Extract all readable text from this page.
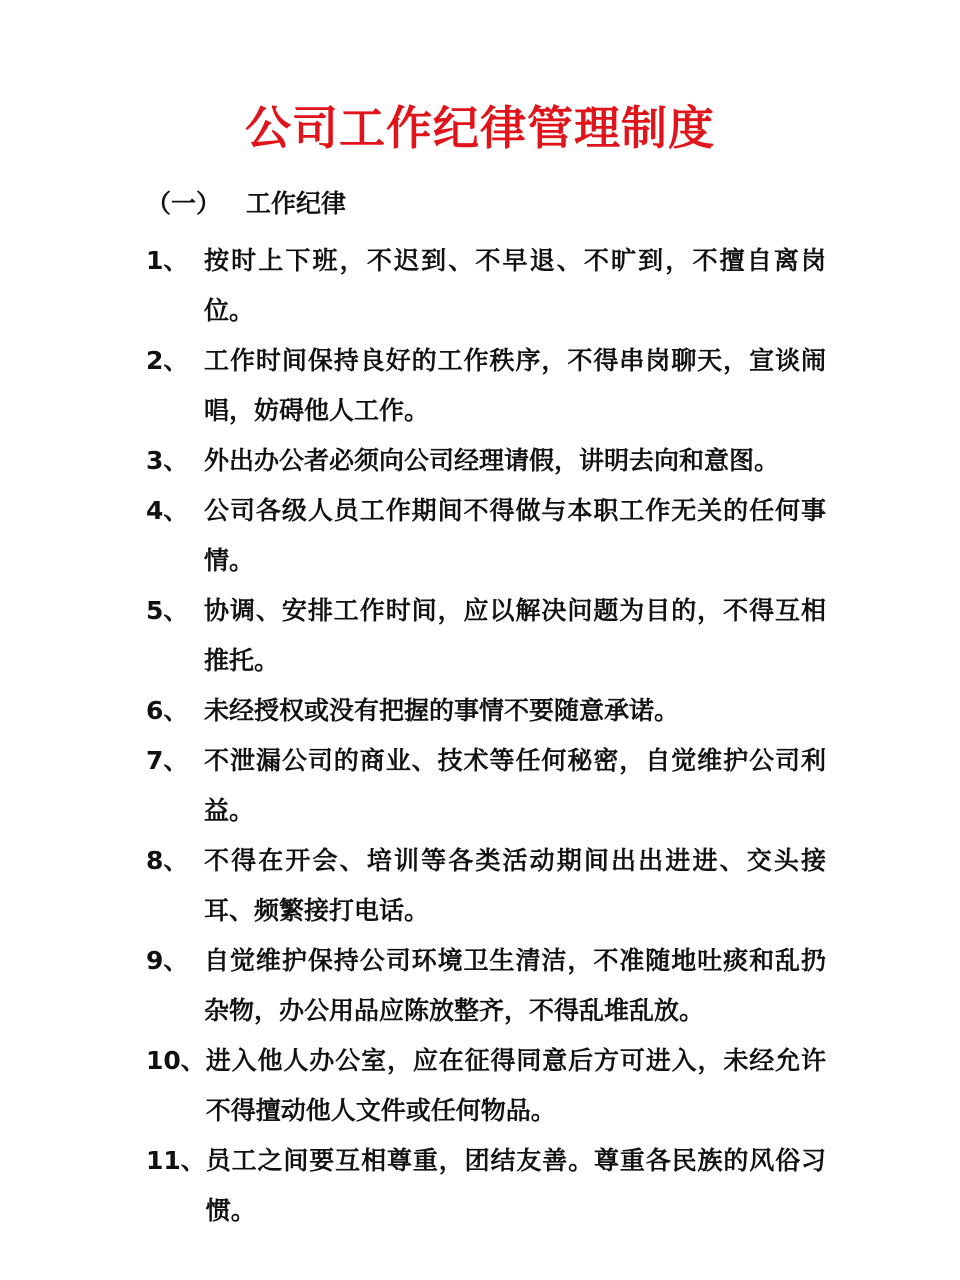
公司工作纪律管理制度
（一） 工作纪律
1、 按时上下班，不迟到、不早退、不旷到，不擅自离岗位。
2、 工作时间保持良好的工作秩序，不得串岗聊天，宣谈闹唱，妨碍他人工作。
3、 外出办公者必须向公司经理请假，讲明去向和意图。
4、 公司各级人员工作期间不得做与本职工作无关的任何事情。
5、 协调、安排工作时间，应以解决问题为目的，不得互相推托。
6、 未经授权或没有把握的事情不要随意承诺。
7、 不泄漏公司的商业、技术等任何秘密，自觉维护公司利益。
8、 不得在开会、培训等各类活动期间出出进进、交头接耳、频繁接打电话。
9、 自觉维护保持公司环境卫生清洁，不准随地吐痰和乱扔杂物，办公用品应陈放整齐，不得乱堆乱放。
10、 进入他人办公室，应在征得同意后方可进入，未经允许不得擅动他人文件或任何物品。
11、 员工之间要互相尊重，团结友善。尊重各民族的风俗习惯。
